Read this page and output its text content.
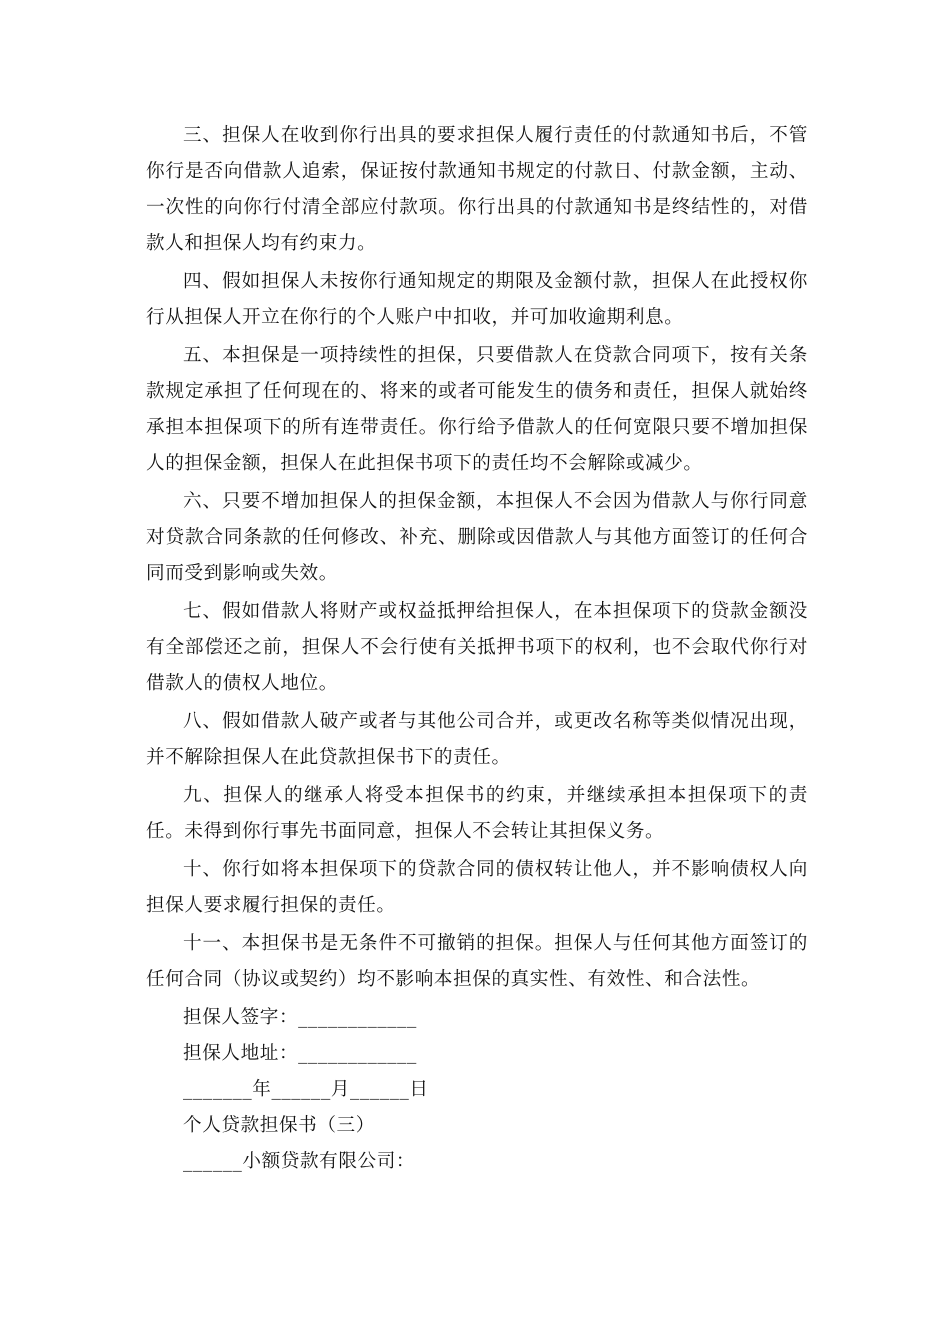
三、担保人在收到你行出具的要求担保人履行责任的付款通知书后，不管你行是否向借款人追索，保证按付款通知书规定的付款日、付款金额，主动、一次性的向你行付清全部应付款项。你行出具的付款通知书是终结性的，对借款人和担保人均有约束力。

四、假如担保人未按你行通知规定的期限及金额付款，担保人在此授权你行从担保人开立在你行的个人账户中扣收，并可加收逾期利息。

五、本担保是一项持续性的担保，只要借款人在贷款合同项下，按有关条款规定承担了任何现在的、将来的或者可能发生的债务和责任，担保人就始终承担本担保项下的所有连带责任。你行给予借款人的任何宽限只要不增加担保人的担保金额，担保人在此担保书项下的责任均不会解除或减少。

六、只要不增加担保人的担保金额，本担保人不会因为借款人与你行同意对贷款合同条款的任何修改、补充、删除或因借款人与其他方面签订的任何合同而受到影响或失效。

七、假如借款人将财产或权益抵押给担保人，在本担保项下的贷款金额没有全部偿还之前，担保人不会行使有关抵押书项下的权利，也不会取代你行对借款人的债权人地位。

八、假如借款人破产或者与其他公司合并，或更改名称等类似情况出现，并不解除担保人在此贷款担保书下的责任。

九、担保人的继承人将受本担保书的约束，并继续承担本担保项下的责任。未得到你行事先书面同意，担保人不会转让其担保义务。

十、你行如将本担保项下的贷款合同的债权转让他人，并不影响债权人向担保人要求履行担保的责任。

十一、本担保书是无条件不可撤销的担保。担保人与任何其他方面签订的任何合同（协议或契约）均不影响本担保的真实性、有效性、和合法性。

担保人签字：____________
担保人地址：____________
_______年______月______日
个人贷款担保书（三）
______小额贷款有限公司：
